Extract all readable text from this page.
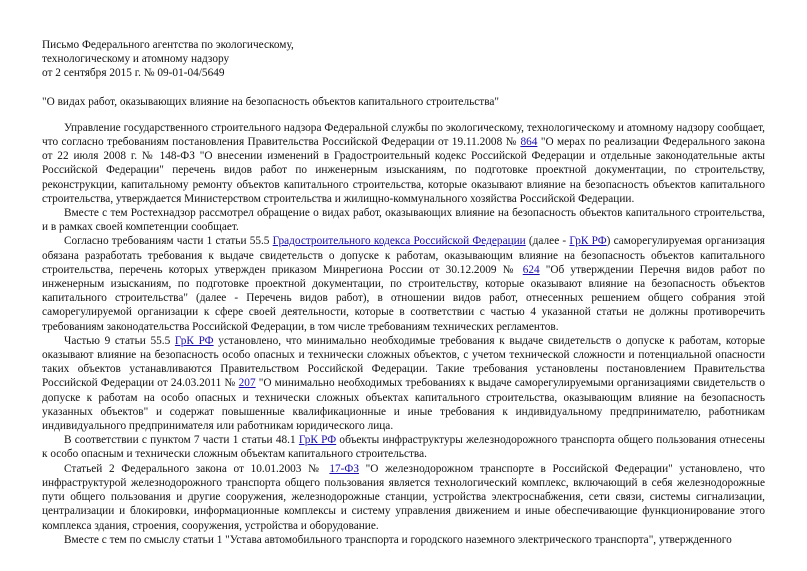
Письмо Федерального агентства по экологическому,

технологическому и атомному надзору

от 2 сентября 2015 г. № 09-01-04/5649

"О видах работ, оказывающих влияние на безопасность объектов капитального строительства"

Управление государственного строительного надзора Федеральной службы по экологическому, технологическому и атомному надзору сообщает, что согласно требованиям постановления Правительства Российской Федерации от 19.11.2008 № 864 "О мерах по реализации Федерального закона от 22 июля 2008 г. № 148-ФЗ "О внесении изменений в Градостроительный кодекс Российской Федерации и отдельные законодательные акты Российской Федерации" перечень видов работ по инженерным изысканиям, по подготовке проектной документации, по строительству, реконструкции, капитальному ремонту объектов капитального строительства, которые оказывают влияние на безопасность объектов капитального строительства, утверждается Министерством строительства и жилищно-коммунального хозяйства Российской Федерации.

Вместе с тем Ростехнадзор рассмотрел обращение о видах работ, оказывающих влияние на безопасность объектов капитального строительства, и в рамках своей компетенции сообщает.

Согласно требованиям части 1 статьи 55.5 Градостроительного кодекса Российской Федерации (далее - ГрК РФ) саморегулируемая организация обязана разработать требования к выдаче свидетельств о допуске к работам, оказывающим влияние на безопасность объектов капитального строительства, перечень которых утвержден приказом Минрегиона России от 30.12.2009 № 624 "Об утверждении Перечня видов работ по инженерным изысканиям, по подготовке проектной документации, по строительству, которые оказывают влияние на безопасность объектов капитального строительства" (далее - Перечень видов работ), в отношении видов работ, отнесенных решением общего собрания этой саморегулируемой организации к сфере своей деятельности, которые в соответствии с частью 4 указанной статьи не должны противоречить требованиям законодательства Российской Федерации, в том числе требованиям технических регламентов.

Частью 9 статьи 55.5 ГрК РФ установлено, что минимально необходимые требования к выдаче свидетельств о допуске к работам, которые оказывают влияние на безопасность особо опасных и технически сложных объектов, с учетом технической сложности и потенциальной опасности таких объектов устанавливаются Правительством Российской Федерации. Такие требования установлены постановлением Правительства Российской Федерации от 24.03.2011 № 207 "О минимально необходимых требованиях к выдаче саморегулируемыми организациями свидетельств о допуске к работам на особо опасных и технически сложных объектах капитального строительства, оказывающим влияние на безопасность указанных объектов" и содержат повышенные квалификационные и иные требования к индивидуальному предпринимателю, работникам индивидуального предпринимателя или работникам юридического лица.

В соответствии с пунктом 7 части 1 статьи 48.1 ГрК РФ объекты инфраструктуры железнодорожного транспорта общего пользования отнесены к особо опасным и технически сложным объектам капитального строительства.

Статьей 2 Федерального закона от 10.01.2003 № 17-ФЗ "О железнодорожном транспорте в Российской Федерации" установлено, что инфраструктурой железнодорожного транспорта общего пользования является технологический комплекс, включающий в себя железнодорожные пути общего пользования и другие сооружения, железнодорожные станции, устройства электроснабжения, сети связи, системы сигнализации, централизации и блокировки, информационные комплексы и систему управления движением и иные обеспечивающие функционирование этого комплекса здания, строения, сооружения, устройства и оборудование.

Вместе с тем по смыслу статьи 1 "Устава автомобильного транспорта и городского наземного электрического транспорта", утвержденного
